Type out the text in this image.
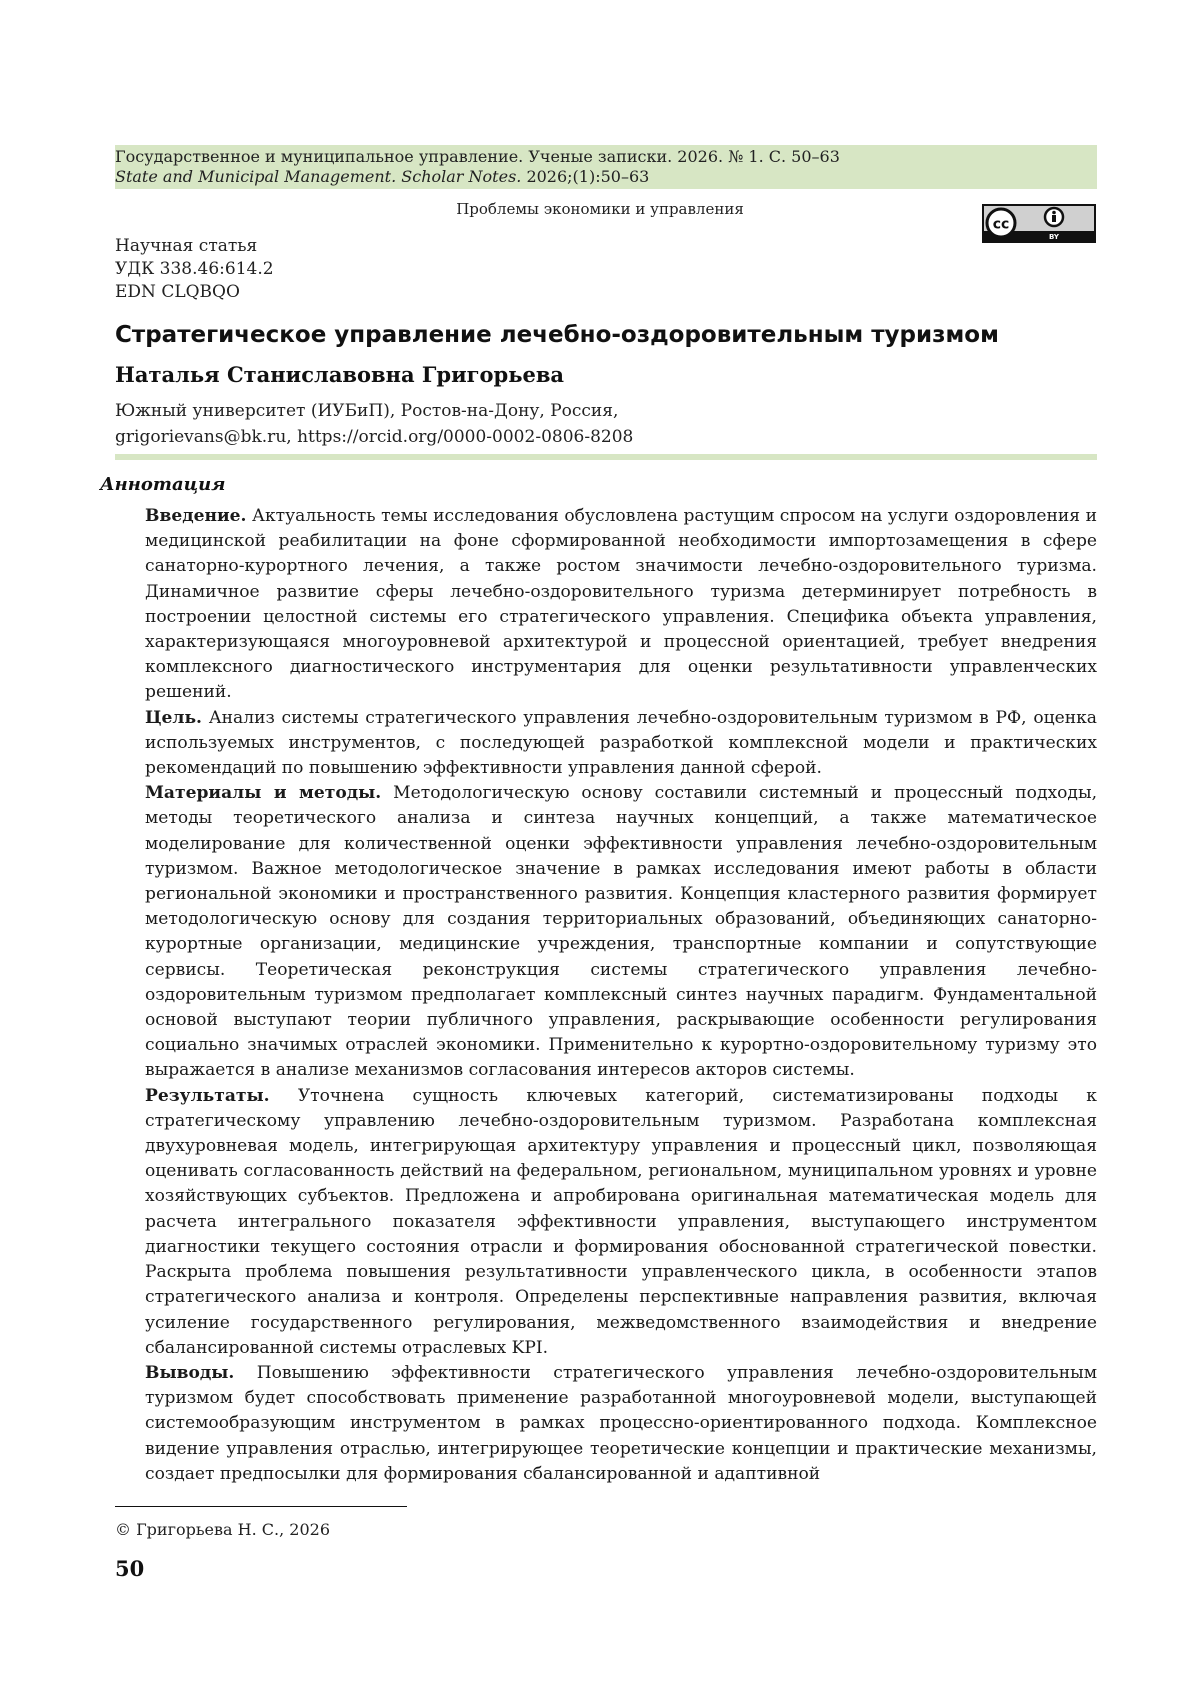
Государственное и муниципальное управление. Ученые записки. 2026. № 1. С. 50–63
State and Municipal Management. Scholar Notes. 2026;(1):50–63
Проблемы экономики и управления
cc
BY
Научная статья
УДК 338.46:614.2
EDN CLQBQO
Стратегическое управление лечебно-оздоровительным туризмом
Наталья Станиславовна Григорьева
Южный университет (ИУБиП), Ростов-на-Дону, Россия,
grigorievans@bk.ru, https://orcid.org/0000-0002-0806-8208
Аннотация

Введение. Актуальность темы исследования обусловлена растущим спросом на услуги оздоровления и медицинской реабилитации на фоне сформированной необходимости импортозамещения в сфере санаторно-курортного лечения, а также ростом значимости лечебно-оздоровительного туризма. Динамичное развитие сферы лечебно-оздоровительного туризма детерминирует потребность в построении целостной системы его стратегического управления. Специфика объекта управления, характеризующаяся многоуровневой архитектурой и процессной ориентацией, требует внедрения комплексного диагностического инструментария для оценки результативности управленческих решений.

Цель. Анализ системы стратегического управления лечебно-оздоровительным туризмом в РФ, оценка используемых инструментов, с последующей разработкой комплексной модели и практических рекомендаций по повышению эффективности управления данной сферой.

Материалы и методы. Методологическую основу составили системный и процессный подходы, методы теоретического анализа и синтеза научных концепций, а также математическое моделирование для количественной оценки эффективности управления лечебно-оздоровительным туризмом. Важное методологическое значение в рамках исследования имеют работы в области региональной экономики и пространственного развития. Концепция кластерного развития формирует методологическую основу для создания территориальных образований, объединяющих санаторно-курортные организации, медицинские учреждения, транспортные компании и сопутствующие сервисы. Теоретическая реконструкция системы стратегического управления лечебно-оздоровительным туризмом предполагает комплексный синтез научных парадигм. Фундаментальной основой выступают теории публичного управления, раскрывающие особенности регулирования социально значимых отраслей экономики. Применительно к курортно-оздоровительному туризму это выражается в анализе механизмов согласования интересов акторов системы.

Результаты. Уточнена сущность ключевых категорий, систематизированы подходы к стратегическому управлению лечебно-оздоровительным туризмом. Разработана комплексная двухуровневая модель, интегрирующая архитектуру управления и процессный цикл, позволяющая оценивать согласованность действий на федеральном, региональном, муниципальном уровнях и уровне хозяйствующих субъектов. Предложена и апробирована оригинальная математическая модель для расчета интегрального показателя эффективности управления, выступающего инструментом диагностики текущего состояния отрасли и формирования обоснованной стратегической повестки. Раскрыта проблема повышения результативности управленческого цикла, в особенности этапов стратегического анализа и контроля. Определены перспективные направления развития, включая усиление государственного регулирования, межведомственного взаимодействия и внедрение сбалансированной системы отраслевых KPI.

Выводы. Повышению эффективности стратегического управления лечебно-оздоровительным туризмом будет способствовать применение разработанной многоуровневой модели, выступающей системообразующим инструментом в рамках процессно-ориентированного подхода. Комплексное видение управления отраслью, интегрирующее теоретические концепции и практические механизмы, создает предпосылки для формирования сбалансированной и адаптивной

© Григорьева Н. С., 2026
50
